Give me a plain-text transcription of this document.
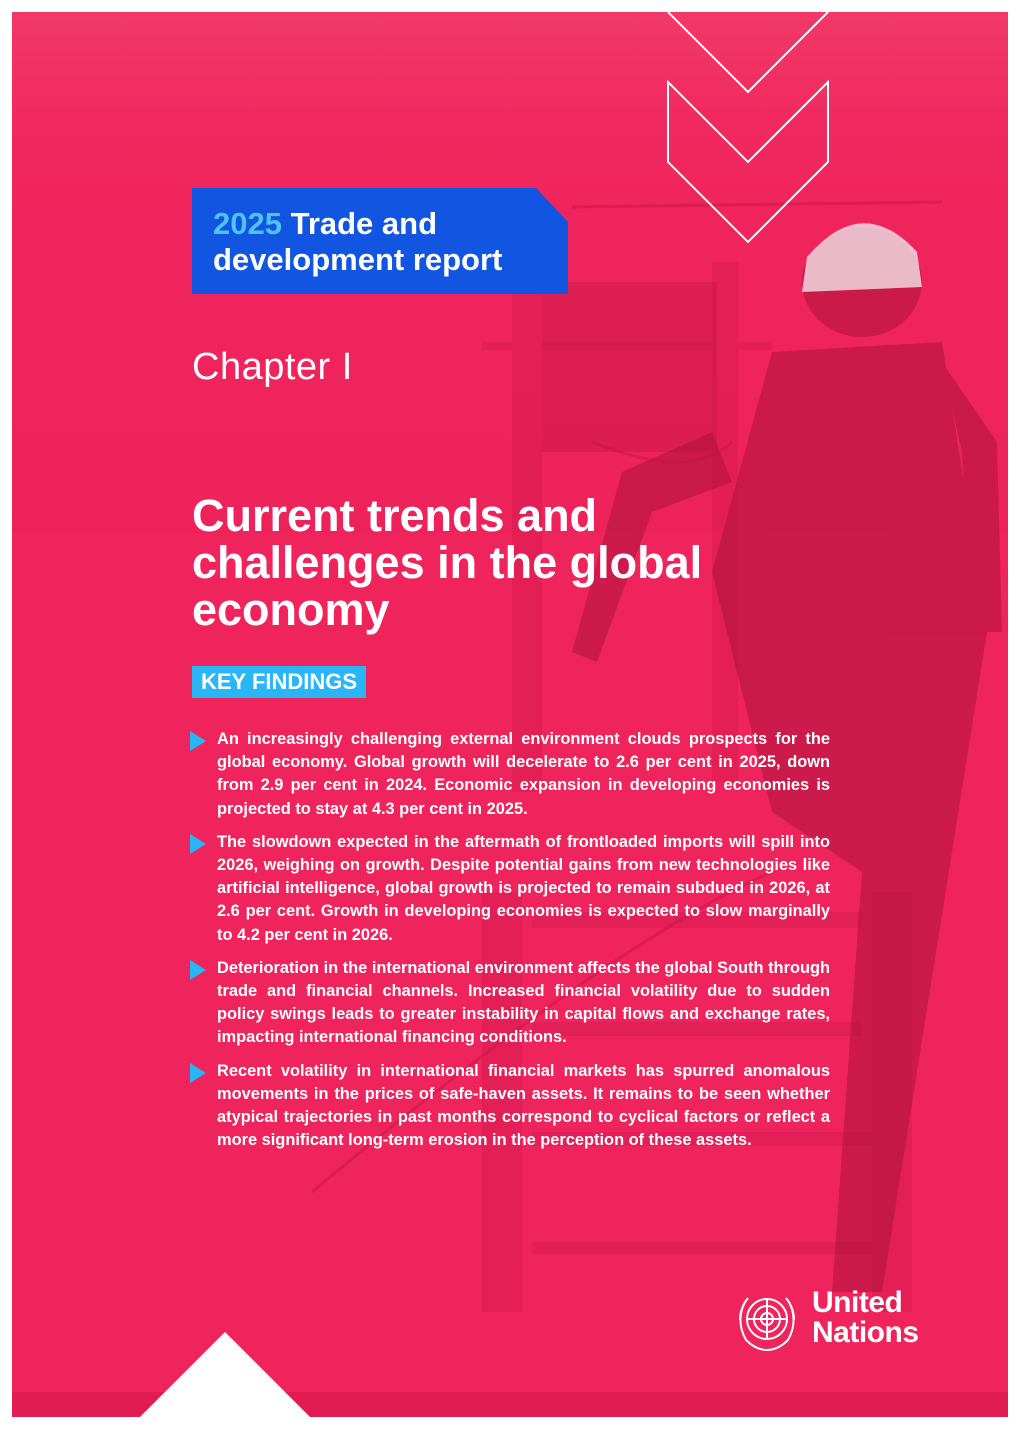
2025 Trade and development report
Chapter I
Current trends and challenges in the global economy
KEY FINDINGS
An increasingly challenging external environment clouds prospects for the global economy. Global growth will decelerate to 2.6 per cent in 2025, down from 2.9 per cent in 2024. Economic expansion in developing economies is projected to stay at 4.3 per cent in 2025.
The slowdown expected in the aftermath of frontloaded imports will spill into 2026, weighing on growth. Despite potential gains from new technologies like artificial intelligence, global growth is projected to remain subdued in 2026, at 2.6 per cent. Growth in developing economies is expected to slow marginally to 4.2 per cent in 2026.
Deterioration in the international environment affects the global South through trade and financial channels. Increased financial volatility due to sudden policy swings leads to greater instability in capital flows and exchange rates, impacting international financing conditions.
Recent volatility in international financial markets has spurred anomalous movements in the prices of safe-haven assets. It remains to be seen whether atypical trajectories in past months correspond to cyclical factors or reflect a more significant long-term erosion in the perception of these assets.
United
Nations
